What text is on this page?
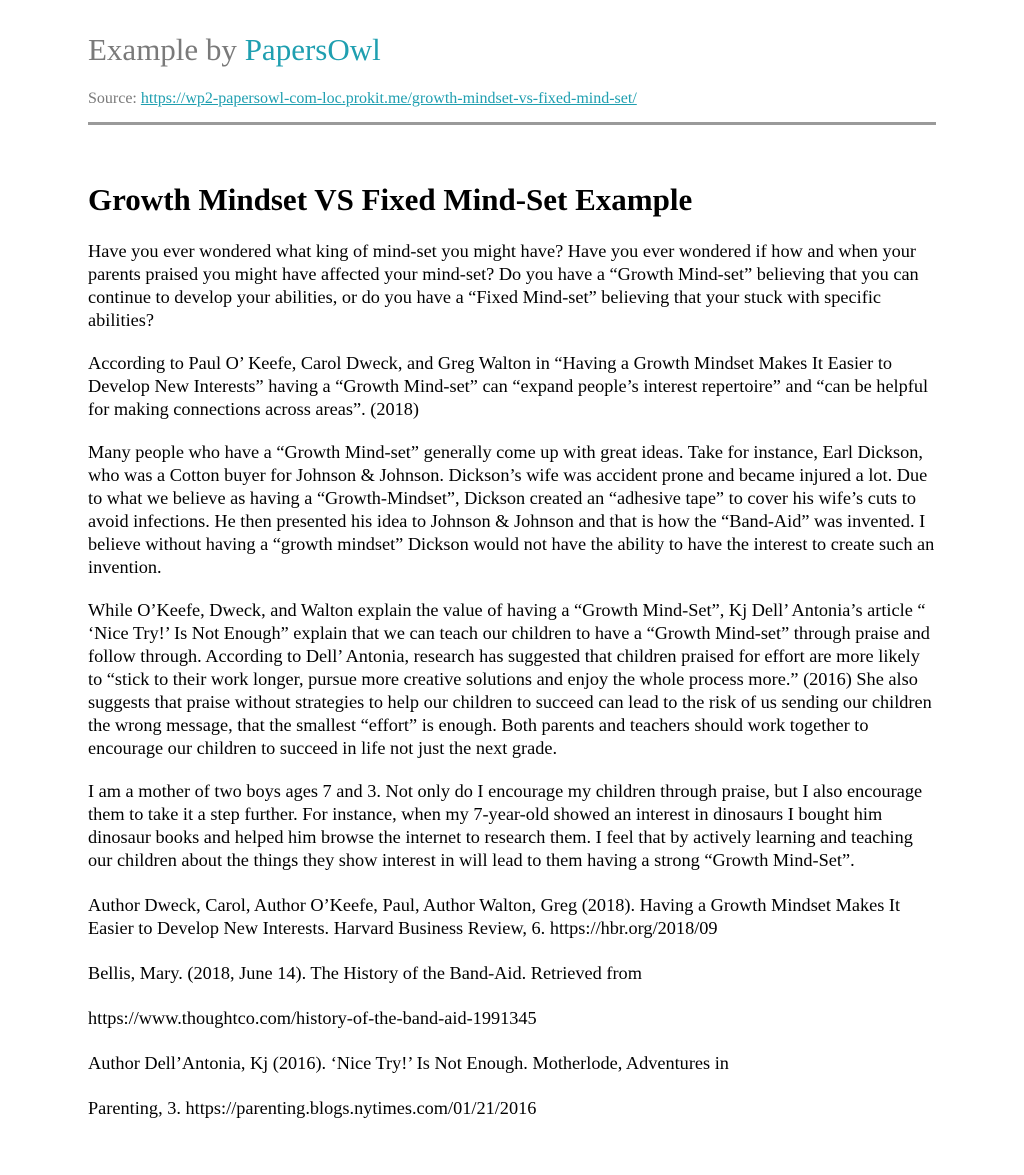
Example by PapersOwl
Source: https://wp2-papersowl-com-loc.prokit.me/growth-mindset-vs-fixed-mind-set/
Growth Mindset VS Fixed Mind-Set Example

Have you ever wondered what king of mind-set you might have? Have you ever wondered if how and when your parents praised you might have affected your mind-set? Do you have a “Growth Mind-set” believing that you can continue to develop your abilities, or do you have a “Fixed Mind-set” believing that your stuck with specific abilities?

According to Paul O’ Keefe, Carol Dweck, and Greg Walton in “Having a Growth Mindset Makes It Easier to Develop New Interests” having a “Growth Mind-set” can “expand people’s interest repertoire” and “can be helpful for making connections across areas”. (2018)

Many people who have a “Growth Mind-set” generally come up with great ideas. Take for instance, Earl Dickson, who was a Cotton buyer for Johnson & Johnson. Dickson’s wife was accident prone and became injured a lot. Due to what we believe as having a “Growth-Mindset”, Dickson created an “adhesive tape” to cover his wife’s cuts to avoid infections. He then presented his idea to Johnson & Johnson and that is how the “Band-Aid” was invented. I believe without having a “growth mindset” Dickson would not have the ability to have the interest to create such an invention.

While O’Keefe, Dweck, and Walton explain the value of having a “Growth Mind-Set”, Kj Dell’ Antonia’s article “ ‘Nice Try!’ Is Not Enough” explain that we can teach our children to have a “Growth Mind-set” through praise and follow through. According to Dell’ Antonia, research has suggested that children praised for effort are more likely to “stick to their work longer, pursue more creative solutions and enjoy the whole process more.” (2016) She also suggests that praise without strategies to help our children to succeed can lead to the risk of us sending our children the wrong message, that the smallest “effort” is enough. Both parents and teachers should work together to encourage our children to succeed in life not just the next grade.

I am a mother of two boys ages 7 and 3. Not only do I encourage my children through praise, but I also encourage them to take it a step further. For instance, when my 7-year-old showed an interest in dinosaurs I bought him dinosaur books and helped him browse the internet to research them. I feel that by actively learning and teaching our children about the things they show interest in will lead to them having a strong “Growth Mind-Set”.

Author Dweck, Carol, Author O’Keefe, Paul, Author Walton, Greg (2018). Having a Growth Mindset Makes It Easier to Develop New Interests. Harvard Business Review, 6. https://hbr.org/2018/09

Bellis, Mary. (2018, June 14). The History of the Band-Aid. Retrieved from

https://www.thoughtco.com/history-of-the-band-aid-1991345

Author Dell’Antonia, Kj (2016). ‘Nice Try!’ Is Not Enough. Motherlode, Adventures in

Parenting, 3. https://parenting.blogs.nytimes.com/01/21/2016
